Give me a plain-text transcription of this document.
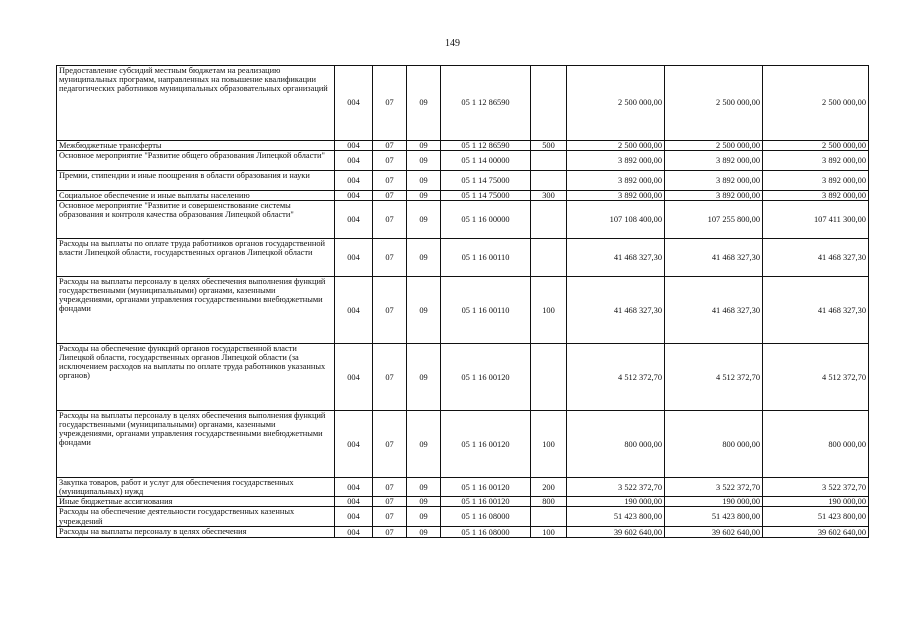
149
Предоставление субсидий местным бюджетам на реализацию муниципальных программ, направленных на повышение квалификации педагогических работников муниципальных образовательных организаций	004	07	09	05 1 12 86590		2 500 000,00	2 500 000,00	2 500 000,00
Межбюджетные трансферты	004	07	09	05 1 12 86590	500	2 500 000,00	2 500 000,00	2 500 000,00
Основное мероприятие "Развитие общего образования Липецкой области"	004	07	09	05 1 14 00000		3 892 000,00	3 892 000,00	3 892 000,00
Премии, стипендии и иные поощрения в области образования и науки	004	07	09	05 1 14 75000		3 892 000,00	3 892 000,00	3 892 000,00
Социальное обеспечение и иные выплаты населению	004	07	09	05 1 14 75000	300	3 892 000,00	3 892 000,00	3 892 000,00
Основное мероприятие "Развитие и совершенствование системы образования и контроля качества образования Липецкой области"	004	07	09	05 1 16 00000		107 108 400,00	107 255 800,00	107 411 300,00
Расходы на выплаты по оплате труда работников органов государственной власти Липецкой области, государственных органов Липецкой области	004	07	09	05 1 16 00110		41 468 327,30	41 468 327,30	41 468 327,30
Расходы на выплаты персоналу в целях обеспечения выполнения функций государственными (муниципальными) органами, казенными учреждениями, органами управления государственными внебюджетными фондами	004	07	09	05 1 16 00110	100	41 468 327,30	41 468 327,30	41 468 327,30
Расходы на обеспечение функций органов государственной власти Липецкой области, государственных органов Липецкой области (за исключением расходов на выплаты по оплате труда работников указанных органов)	004	07	09	05 1 16 00120		4 512 372,70	4 512 372,70	4 512 372,70
Расходы на выплаты персоналу в целях обеспечения выполнения функций государственными (муниципальными) органами, казенными учреждениями, органами управления государственными внебюджетными фондами	004	07	09	05 1 16 00120	100	800 000,00	800 000,00	800 000,00
Закупка товаров, работ и услуг для обеспечения государственных (муниципальных) нужд	004	07	09	05 1 16 00120	200	3 522 372,70	3 522 372,70	3 522 372,70
Иные бюджетные ассигнования	004	07	09	05 1 16 00120	800	190 000,00	190 000,00	190 000,00
Расходы на обеспечение деятельности государственных казенных учреждений	004	07	09	05 1 16 08000		51 423 800,00	51 423 800,00	51 423 800,00
Расходы на выплаты персоналу в целях обеспечения	004	07	09	05 1 16 08000	100	39 602 640,00	39 602 640,00	39 602 640,00
